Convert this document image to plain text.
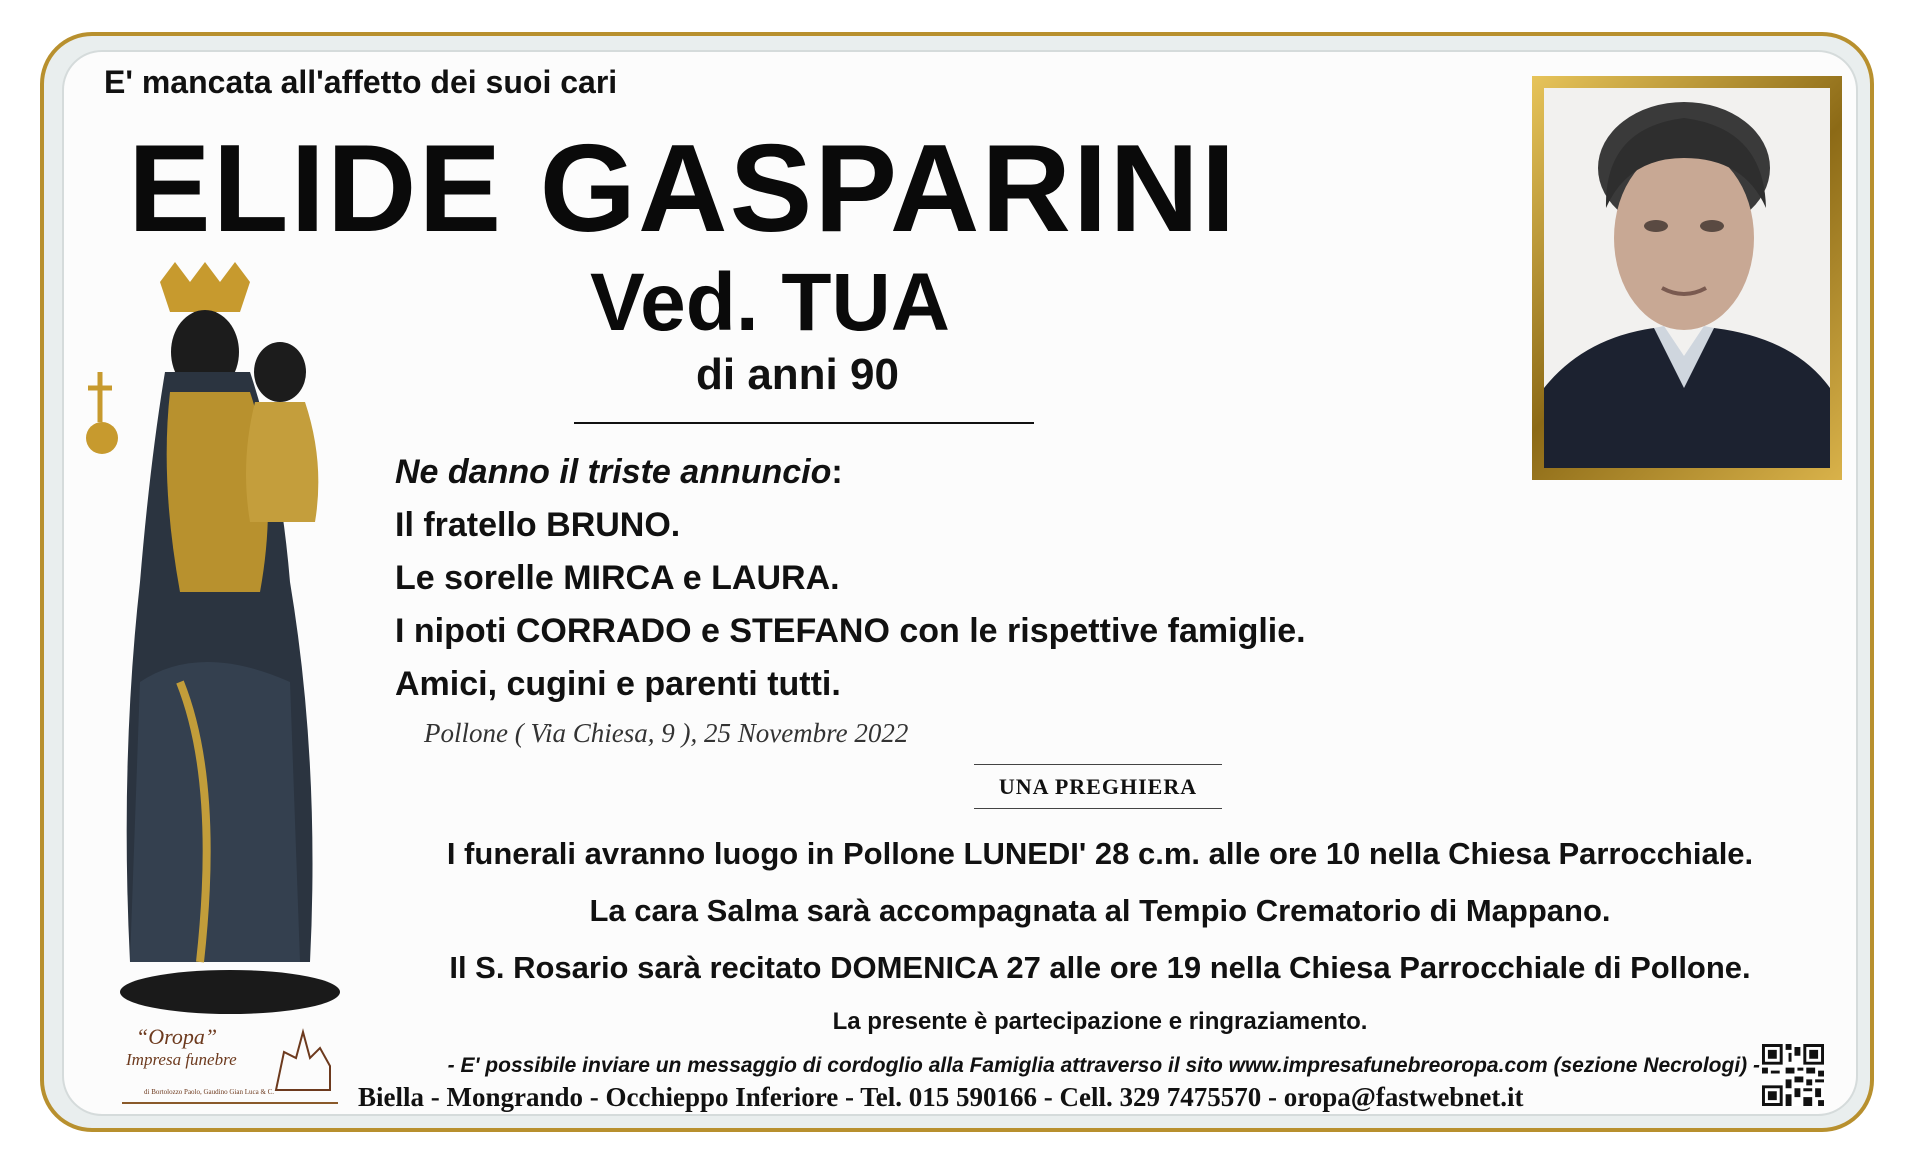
E' mancata all'affetto dei suoi cari
ELIDE GASPARINI
Ved. TUA
di anni 90
Ne danno il triste annuncio:
Il fratello BRUNO.
Le sorelle MIRCA e LAURA.
I nipoti CORRADO e STEFANO con le rispettive famiglie.
Amici, cugini e parenti tutti.
Pollone ( Via Chiesa, 9 ), 25 Novembre 2022
UNA PREGHIERA
I funerali avranno luogo in Pollone LUNEDI' 28 c.m. alle ore 10 nella Chiesa Parrocchiale.
La cara Salma sarà accompagnata al Tempio Crematorio di Mappano.
Il S. Rosario sarà recitato DOMENICA 27 alle ore 19 nella Chiesa Parrocchiale di Pollone.
La presente è partecipazione e ringraziamento.
- E' possibile inviare un messaggio di cordoglio alla Famiglia attraverso il sito www.impresafunebreoropa.com (sezione Necrologi) -
Biella - Mongrando - Occhieppo Inferiore - Tel. 015 590166 - Cell. 329 7475570 - oropa@fastwebnet.it
“Oropa”
Impresa funebre
di Bortolozzo Paolo, Gaudino Gian Luca & C.
